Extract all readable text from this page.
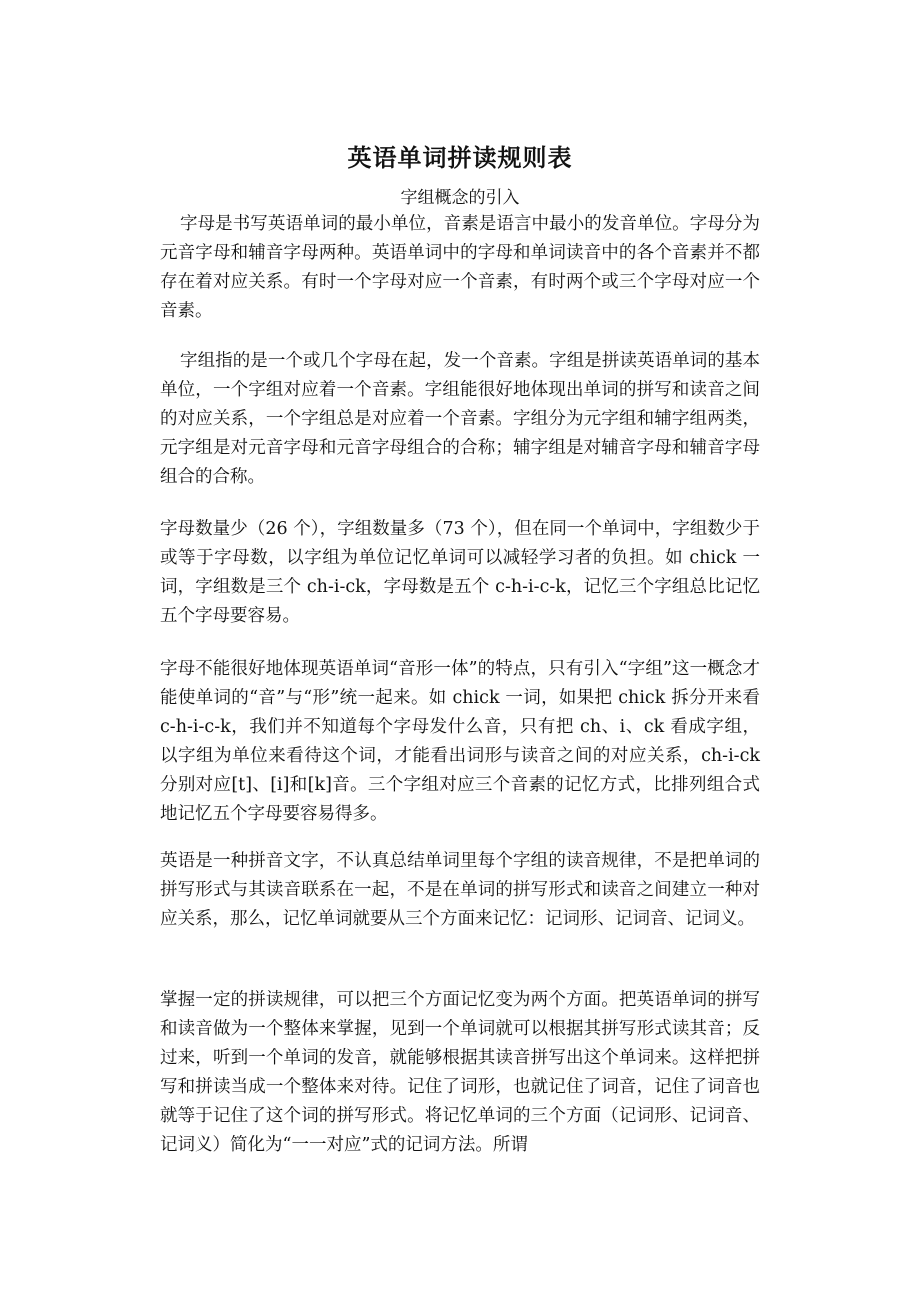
英语单词拼读规则表
字组概念的引入

字母是书写英语单词的最小单位，音素是语言中最小的发音单位。字母分为元音字母和辅音字母两种。英语单词中的字母和单词读音中的各个音素并不都存在着对应关系。有时一个字母对应一个音素，有时两个或三个字母对应一个音素。

字组指的是一个或几个字母在起，发一个音素。字组是拼读英语单词的基本单位，一个字组对应着一个音素。字组能很好地体现出单词的拼写和读音之间的对应关系，一个字组总是对应着一个音素。字组分为元字组和辅字组两类，元字组是对元音字母和元音字母组合的合称；辅字组是对辅音字母和辅音字母组合的合称。

字母数量少（26 个），字组数量多（73 个），但在同一个单词中，字组数少于或等于字母数，以字组为单位记忆单词可以减轻学习者的负担。如 chick 一词，字组数是三个 ch-i-ck，字母数是五个 c-h-i-c-k，记忆三个字组总比记忆五个字母要容易。

字母不能很好地体现英语单词“音形一体”的特点，只有引入“字组”这一概念才能使单词的“音”与“形”统一起来。如 chick 一词，如果把 chick 拆分开来看 c-h-i-c-k，我们并不知道每个字母发什么音，只有把 ch、i、ck 看成字组，以字组为单位来看待这个词，才能看出词形与读音之间的对应关系，ch-i-ck 分别对应[t]、[i]和[k]音。三个字组对应三个音素的记忆方式，比排列组合式地记忆五个字母要容易得多。

英语是一种拼音文字，不认真总结单词里每个字组的读音规律，不是把单词的拼写形式与其读音联系在一起，不是在单词的拼写形式和读音之间建立一种对应关系，那么，记忆单词就要从三个方面来记忆：记词形、记词音、记词义。

掌握一定的拼读规律，可以把三个方面记忆变为两个方面。把英语单词的拼写和读音做为一个整体来掌握，见到一个单词就可以根据其拼写形式读其音；反过来，听到一个单词的发音，就能够根据其读音拼写出这个单词来。这样把拼写和拼读当成一个整体来对待。记住了词形，也就记住了词音，记住了词音也就等于记住了这个词的拼写形式。将记忆单词的三个方面（记词形、记词音、记词义）简化为“一一对应”式的记词方法。所谓
